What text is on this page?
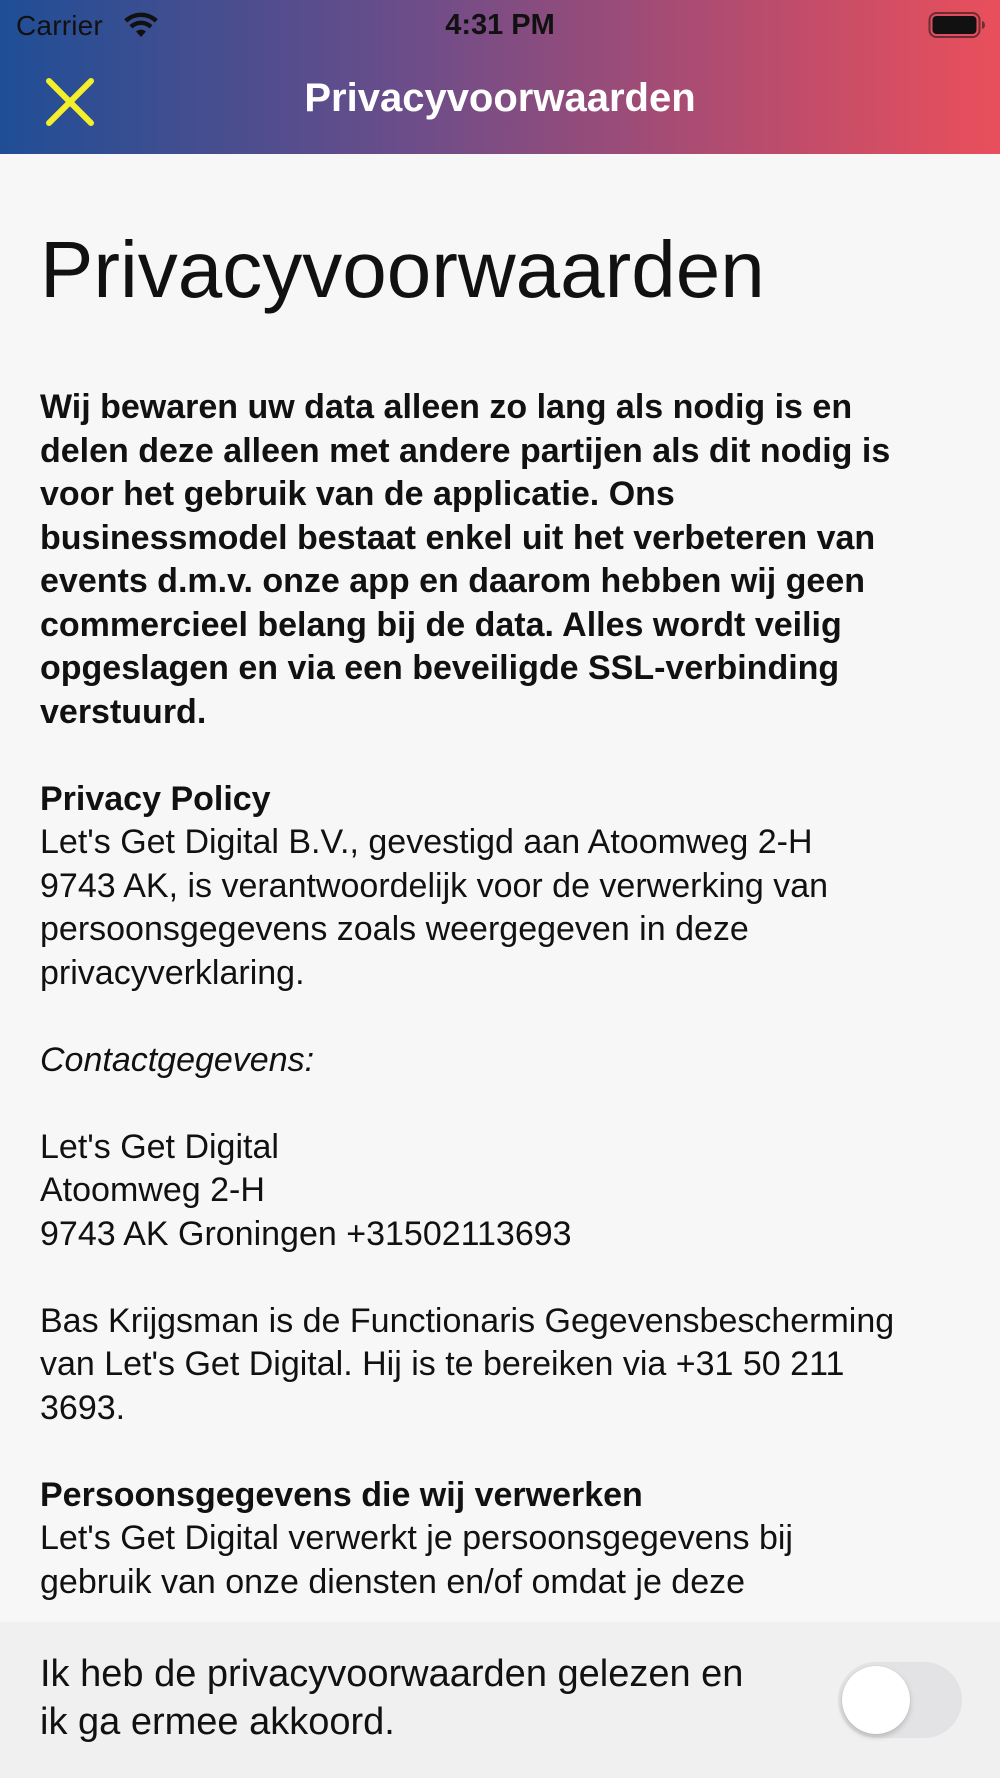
Carrier	4:31 PM
Privacyvoorwaarden
Privacyvoorwaarden
Wij bewaren uw data alleen zo lang als nodig is en
delen deze alleen met andere partijen als dit nodig is
voor het gebruik van de applicatie. Ons
businessmodel bestaat enkel uit het verbeteren van
events d.m.v. onze app en daarom hebben wij geen
commercieel belang bij de data. Alles wordt veilig
opgeslagen en via een beveiligde SSL-verbinding
verstuurd.
Privacy Policy
Let's Get Digital B.V., gevestigd aan Atoomweg 2-H
9743 AK, is verantwoordelijk voor de verwerking van
persoonsgegevens zoals weergegeven in deze
privacyverklaring.
Contactgegevens:
Let's Get Digital
Atoomweg 2-H
9743 AK Groningen +31502113693
Bas Krijgsman is de Functionaris Gegevensbescherming
van Let's Get Digital. Hij is te bereiken via +31 50 211
3693.
Persoonsgegevens die wij verwerken
Let's Get Digital verwerkt je persoonsgegevens bij
gebruik van onze diensten en/of omdat je deze
Ik heb de privacyvoorwaarden gelezen en
ik ga ermee akkoord.
